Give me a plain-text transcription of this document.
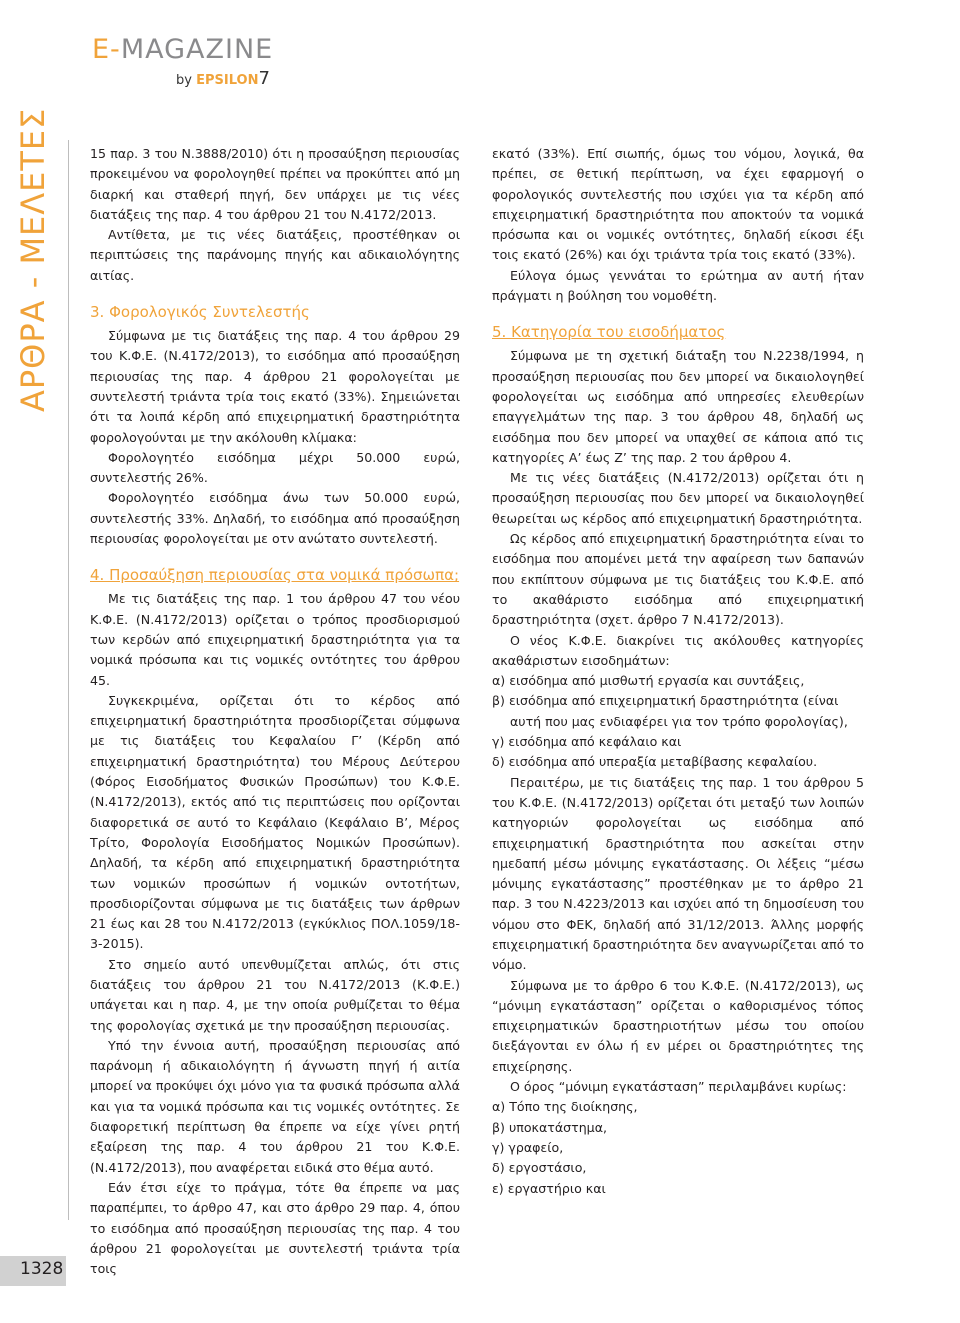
E-MAGAZINE
by EPSILON7
ΑΡΘΡΑ - ΜΕΛΕΤΕΣ
1328

15 παρ. 3 του Ν.3888/2010) ότι η προσαύξηση περιουσίας προκειμένου να φορολογηθεί πρέπει να προκύπτει από μη διαρκή και σταθερή πηγή, δεν υπάρχει με τις νέες διατάξεις της παρ. 4 του άρθρου 21 του Ν.4172/2013.

Αντίθετα, με τις νέες διατάξεις, προστέθηκαν οι περιπτώσεις της παράνομης πηγής και αδικαιολόγητης αιτίας.

3. Φορολογικός Συντελεστής

Σύμφωνα με τις διατάξεις της παρ. 4 του άρθρου 29 του Κ.Φ.Ε. (Ν.4172/2013), το εισόδημα από προσαύξηση περιουσίας της παρ. 4 άρθρου 21 φορολογείται με συντελεστή τριάντα τρία τοις εκατό (33%). Σημειώνεται ότι τα λοιπά κέρδη από επιχειρηματική δραστηριότητα φορολογούνται με την ακόλουθη κλίμακα:

Φορολογητέο εισόδημα μέχρι 50.000 ευρώ, συντελεστής 26%.

Φορολογητέο εισόδημα άνω των 50.000 ευρώ, συντελεστής 33%. Δηλαδή, το εισόδημα από προσαύξηση περιουσίας φορολογείται με οτν ανώτατο συντελεστή.

4. Προσαύξηση περιουσίας στα νομικά πρόσωπα;

Με τις διατάξεις της παρ. 1 του άρθρου 47 του νέου Κ.Φ.Ε. (Ν.4172/2013) ορίζεται ο τρόπος προσδιορισμού των κερδών από επιχειρηματική δραστηριότητα για τα νομικά πρόσωπα και τις νομικές οντότητες του άρθρου 45.

Συγκεκριμένα, ορίζεται ότι το κέρδος από επιχειρηματική δραστηριότητα προσδιορίζεται σύμφωνα με τις διατάξεις του Κεφαλαίου Γ’ (Κέρδη από επιχειρηματική δραστηριότητα) του Μέρους Δεύτερου (Φόρος Εισοδήματος Φυσικών Προσώπων) του Κ.Φ.Ε. (Ν.4172/2013), εκτός από τις περιπτώσεις που ορίζονται διαφορετικά σε αυτό το Κεφάλαιο (Κεφάλαιο Β’, Μέρος Τρίτο, Φορολογία Εισοδήματος Νομικών Προσώπων). Δηλαδή, τα κέρδη από επιχειρηματική δραστηριότητα των νομικών προσώπων ή νομικών οντοτήτων, προσδιορίζονται σύμφωνα με τις διατάξεις των άρθρων 21 έως και 28 του Ν.4172/2013 (εγκύκλιος ΠΟΛ.1059/18-3-2015).

Στο σημείο αυτό υπενθυμίζεται απλώς, ότι στις διατάξεις του άρθρου 21 του Ν.4172/2013 (Κ.Φ.Ε.) υπάγεται και η παρ. 4, με την οποία ρυθμίζεται το θέμα της φορολογίας σχετικά με την προσαύξηση περιουσίας.

Υπό την έννοια αυτή, προσαύξηση περιουσίας από παράνομη ή αδικαιολόγητη ή άγνωστη πηγή ή αιτία μπορεί να προκύψει όχι μόνο για τα φυσικά πρόσωπα αλλά και για τα νομικά πρόσωπα και τις νομικές οντότητες. Σε διαφορετική περίπτωση θα έπρεπε να είχε γίνει ρητή εξαίρεση της παρ. 4 του άρθρου 21 του Κ.Φ.Ε. (Ν.4172/2013), που αναφέρεται ειδικά στο θέμα αυτό.

Εάν έτσι είχε το πράγμα, τότε θα έπρεπε να μας παραπέμπει, το άρθρο 47, και στο άρθρο 29 παρ. 4, όπου το εισόδημα από προσαύξηση περιουσίας της παρ. 4 του άρθρου 21 φορολογείται με συντελεστή τριάντα τρία τοις

εκατό (33%). Επί σιωπής, όμως του νόμου, λογικά, θα πρέπει, σε θετική περίπτωση, να έχει εφαρμογή ο φορολογικός συντελεστής που ισχύει για τα κέρδη από επιχειρηματική δραστηριότητα που αποκτούν τα νομικά πρόσωπα και οι νομικές οντότητες, δηλαδή είκοσι έξι τοις εκατό (26%) και όχι τριάντα τρία τοις εκατό (33%).

Εύλογα όμως γεννάται το ερώτημα αν αυτή ήταν πράγματι η βούληση του νομοθέτη.

5. Κατηγορία του εισοδήματος

Σύμφωνα με τη σχετική διάταξη του Ν.2238/1994, η προσαύξηση περιουσίας που δεν μπορεί να δικαιολογηθεί φορολογείται ως εισόδημα από υπηρεσίες ελευθερίων επαγγελμάτων της παρ. 3 του άρθρου 48, δηλαδή ως εισόδημα που δεν μπορεί να υπαχθεί σε κάποια από τις κατηγορίες Α’ έως Ζ’ της παρ. 2 του άρθρου 4.

Με τις νέες διατάξεις (Ν.4172/2013) ορίζεται ότι η προσαύξηση περιουσίας που δεν μπορεί να δικαιολογηθεί θεωρείται ως κέρδος από επιχειρηματική δραστηριότητα.

Ως κέρδος από επιχειρηματική δραστηριότητα είναι το εισόδημα που απομένει μετά την αφαίρεση των δαπανών που εκπίπτουν σύμφωνα με τις διατάξεις του Κ.Φ.Ε. από το ακαθάριστο εισόδημα από επιχειρηματική δραστηριότητα (σχετ. άρθρο 7 Ν.4172/2013).

Ο νέος Κ.Φ.Ε. διακρίνει τις ακόλουθες κατηγορίες ακαθάριστων εισοδημάτων:

α) εισόδημα από μισθωτή εργασία και συντάξεις,

β) εισόδημα από επιχειρηματική δραστηριότητα (είναι

αυτή που μας ενδιαφέρει για τον τρόπο φορολογίας),

γ) εισόδημα από κεφάλαιο και

δ) εισόδημα από υπεραξία μεταβίβασης κεφαλαίου.

Περαιτέρω, με τις διατάξεις της παρ. 1 του άρθρου 5 του Κ.Φ.Ε. (Ν.4172/2013) ορίζεται ότι μεταξύ των λοιπών κατηγοριών φορολογείται ως εισόδημα από επιχειρηματική δραστηριότητα που ασκείται στην ημεδαπή μέσω μόνιμης εγκατάστασης. Οι λέξεις “μέσω μόνιμης εγκατάστασης” προστέθηκαν με το άρθρο 21 παρ. 3 του Ν.4223/2013 και ισχύει από τη δημοσίευση του νόμου στο ΦΕΚ, δηλαδή από 31/12/2013. Άλλης μορφής επιχειρηματική δραστηριότητα δεν αναγνωρίζεται από το νόμο.

Σύμφωνα με το άρθρο 6 του Κ.Φ.Ε. (Ν.4172/2013), ως “μόνιμη εγκατάσταση” ορίζεται ο καθορισμένος τόπος επιχειρηματικών δραστηριοτήτων μέσω του οποίου διεξάγονται εν όλω ή εν μέρει οι δραστηριότητες της επιχείρησης.

Ο όρος “μόνιμη εγκατάσταση” περιλαμβάνει κυρίως:

α) Τόπο της διοίκησης,

β) υποκατάστημα,

γ) γραφείο,

δ) εργοστάσιο,

ε) εργαστήριο και
